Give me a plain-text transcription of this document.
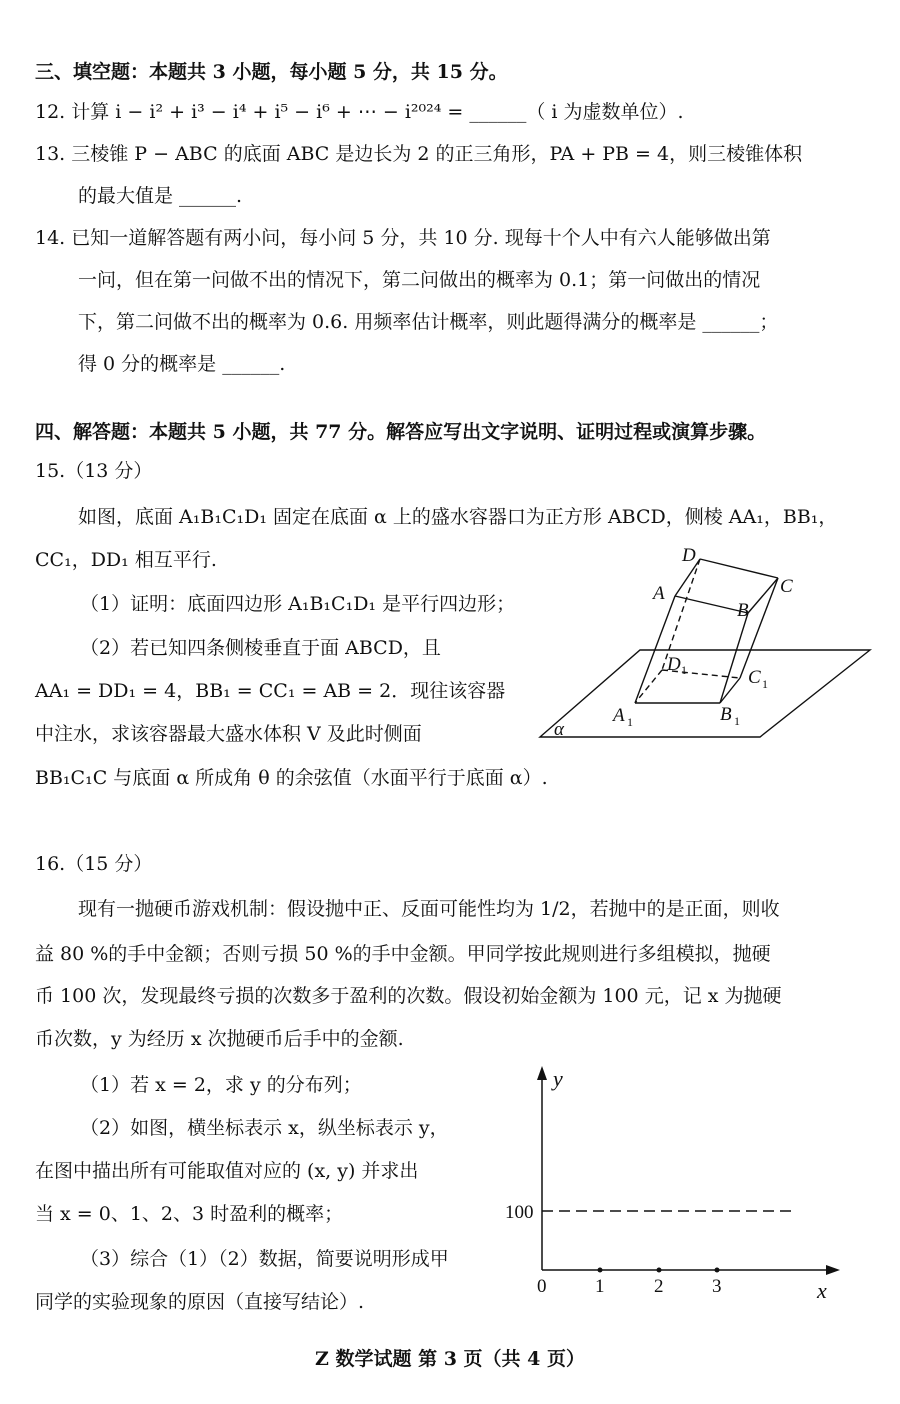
三、填空题：本题共 3 小题，每小题 5 分，共 15 分。
12. 计算 i − i² + i³ − i⁴ + i⁵ − i⁶ + ⋯ − i²⁰²⁴ = ______（ i 为虚数单位）.
13. 三棱锥 P − ABC 的底面 ABC 是边长为 2 的正三角形，PA + PB = 4，则三棱锥体积
的最大值是 ______.
14. 已知一道解答题有两小问，每小问 5 分，共 10 分. 现每十个人中有六人能够做出第
一问，但在第一问做不出的情况下，第二问做出的概率为 0.1；第一问做出的情况
下，第二问做不出的概率为 0.6. 用频率估计概率，则此题得满分的概率是 ______；
得 0 分的概率是 ______.
四、解答题：本题共 5 小题，共 77 分。解答应写出文字说明、证明过程或演算步骤。
15.（13 分）
如图，底面 A₁B₁C₁D₁ 固定在底面 α 上的盛水容器口为正方形 ABCD，侧棱 AA₁，BB₁，
CC₁，DD₁ 相互平行.
（1）证明：底面四边形 A₁B₁C₁D₁ 是平行四边形；
（2）若已知四条侧棱垂直于面 ABCD，且
AA₁ = DD₁ = 4，BB₁ = CC₁ = AB = 2．现往该容器
中注水，求该容器最大盛水体积 V 及此时侧面
BB₁C₁C 与底面 α 所成角 θ 的余弦值（水面平行于底面 α）.
D
C
A
B
D
C
A	B
α
1
1
1	1
16.（15 分）
现有一抛硬币游戏机制：假设抛中正、反面可能性均为 1/2，若抛中的是正面，则收
益 80 %的手中金额；否则亏损 50 %的手中金额。甲同学按此规则进行多组模拟，抛硬
币 100 次，发现最终亏损的次数多于盈利的次数。假设初始金额为 100 元，记 x 为抛硬
币次数，y 为经历 x 次抛硬币后手中的金额.
（1）若 x = 2，求 y 的分布列；
（2）如图，横坐标表示 x，纵坐标表示 y，
在图中描出所有可能取值对应的 (x, y) 并求出
当 x = 0、1、2、3 时盈利的概率；
（3）综合（1）（2）数据，简要说明形成甲
同学的实验现象的原因（直接写结论）.
y
x
100
0	1	2	3
Z 数学试题 第 3 页（共 4 页）
